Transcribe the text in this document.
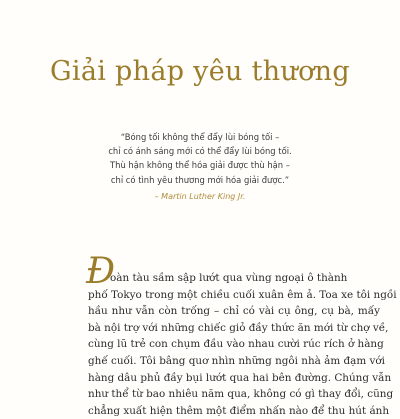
Giải pháp yêu thương
“Bóng tối không thể đẩy lùi bóng tối –
chỉ có ánh sáng mới có thể đẩy lùi bóng tối.
Thù hận không thể hóa giải được thù hận –
chỉ có tình yêu thương mới hóa giải được.”
– Martin Luther King Jr.
Đ
oàn tàu sầm sập lướt qua vùng ngoại ô thành
phố Tokyo trong một chiều cuối xuân êm ả. Toa xe tôi ngồi
hầu như vẫn còn trống – chỉ có vài cụ ông, cụ bà, mấy
bà nội trợ với những chiếc giỏ đầy thức ăn mới từ chợ về,
cùng lũ trẻ con chụm đầu vào nhau cười rúc rích ở hàng
ghế cuối. Tôi bâng quơ nhìn những ngôi nhà ảm đạm với
hàng dâu phủ đầy bụi lướt qua hai bên đường. Chúng vẫn
như thể từ bao nhiêu năm qua, không có gì thay đổi, cũng
chẳng xuất hiện thêm một điểm nhấn nào để thu hút ánh
